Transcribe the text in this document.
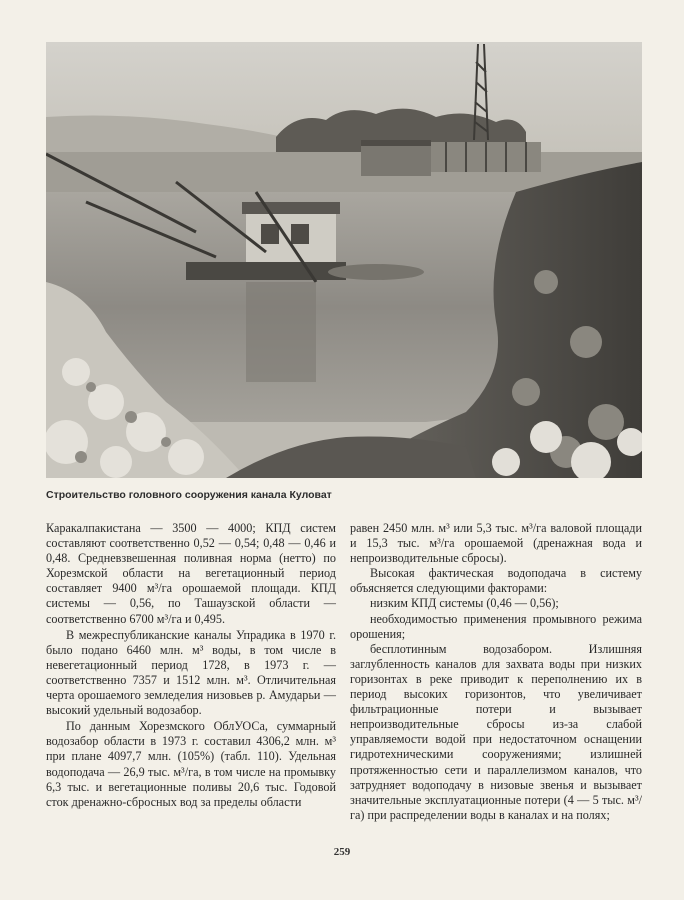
Строительство головного сооружения канала Куловат

Каракалпакистана — 3500 — 4000; КПД систем составляют соответственно 0,52 — 0,54; 0,48 — 0,46 и 0,48. Средневзвешенная поливная норма (нетто) по Хорезмской области на вегетационный период составляет 9400 м³/га орошаемой площади. КПД системы — 0,56, по Ташаузской области — соответственно 6700 м³/га и 0,495.

В межреспубликанские каналы Упрадика в 1970 г. было подано 6460 млн. м³ воды, в том числе в невегетационный период 1728, в 1973 г. —соответственно 7357 и 1512 млн. м³. Отличительная черта орошаемого земледелия низовьев р. Амударьи — высокий удельный водозабор.

По данным Хорезмского ОблУОСа, суммарный водозабор области в 1973 г. составил 4306,2 млн. м³ при плане 4097,7 млн. (105%) (табл. 110). Удельная водоподача — 26,9 тыс. м³/га, в том числе на промывку 6,3 тыс. и вегетационные поливы 20,6 тыс. Годовой сток дренажно-сбросных вод за пределы области

равен 2450 млн. м³ или 5,3 тыс. м³/га валовой площади и 15,3 тыс. м³/га орошаемой (дренажная вода и непроизводительные сбросы).

Высокая фактическая водоподача в систему объясняется следующими факторами:

низким КПД системы (0,46 — 0,56);

необходимостью применения промывного режима орошения;

бесплотинным водозабором. Излишняя заглубленность каналов для захвата воды при низких горизонтах в реке приводит к переполнению их в период высоких горизонтов, что увеличивает фильтрационные потери и вызывает непроизводительные сбросы из-за слабой управляемости водой при недостаточном оснащении гидротехническими сооружениями; излишней протяженностью сети и параллелизмом каналов, что затрудняет водоподачу в низовые звенья и вызывает значительные эксплуатационные потери (4 — 5 тыс. м³/га) при распределении воды в каналах и на полях;

259
